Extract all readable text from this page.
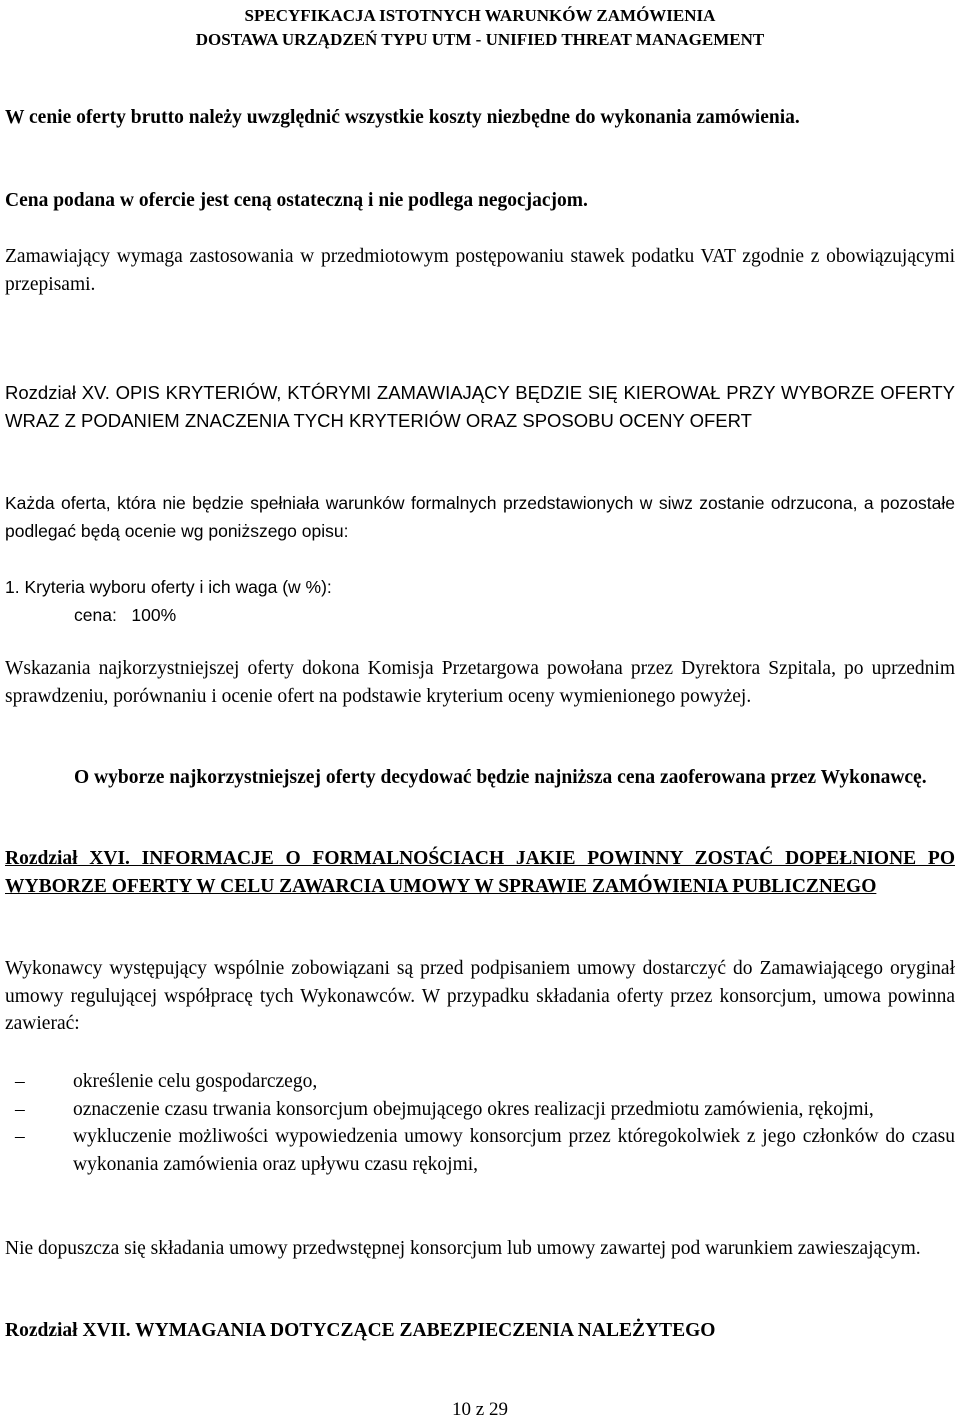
SPECYFIKACJA ISTOTNYCH WARUNKÓW ZAMÓWIENIA
DOSTAWA URZĄDZEŃ TYPU UTM - UNIFIED THREAT MANAGEMENT
W cenie oferty brutto należy uwzględnić wszystkie koszty niezbędne do wykonania zamówienia.
Cena podana w ofercie jest ceną ostateczną i nie podlega negocjacjom.
Zamawiający wymaga zastosowania w przedmiotowym postępowaniu stawek podatku VAT zgodnie z obowiązującymi przepisami.
Rozdział XV. OPIS KRYTERIÓW, KTÓRYMI ZAMAWIAJĄCY BĘDZIE SIĘ KIEROWAŁ PRZY WYBORZE OFERTY WRAZ Z PODANIEM ZNACZENIA TYCH KRYTERIÓW ORAZ SPOSOBU OCENY OFERT
Każda oferta, która nie będzie spełniała warunków formalnych przedstawionych w siwz zostanie odrzucona, a pozostałe podlegać będą ocenie wg poniższego opisu:
1. Kryteria wyboru oferty i ich waga (w %):
cena: 100%
Wskazania najkorzystniejszej oferty dokona Komisja Przetargowa powołana przez Dyrektora Szpitala, po uprzednim sprawdzeniu, porównaniu i ocenie ofert na podstawie kryterium oceny wymienionego powyżej.
O wyborze najkorzystniejszej oferty decydować będzie najniższa cena zaoferowana przez Wykonawcę.
Rozdział XVI. INFORMACJE O FORMALNOŚCIACH JAKIE POWINNY ZOSTAĆ DOPEŁNIONE PO WYBORZE OFERTY W CELU ZAWARCIA UMOWY W SPRAWIE ZAMÓWIENIA PUBLICZNEGO
Wykonawcy występujący wspólnie zobowiązani są przed podpisaniem umowy dostarczyć do Zamawiającego oryginał umowy regulującej współpracę tych Wykonawców. W przypadku składania oferty przez konsorcjum, umowa powinna zawierać:
– określenie celu gospodarczego,
– oznaczenie czasu trwania konsorcjum obejmującego okres realizacji przedmiotu zamówienia, rękojmi,
– wykluczenie możliwości wypowiedzenia umowy konsorcjum przez któregokolwiek z jego członków do czasu wykonania zamówienia oraz upływu czasu rękojmi,
Nie dopuszcza się składania umowy przedwstępnej konsorcjum lub umowy zawartej pod warunkiem zawieszającym.
Rozdział XVII. WYMAGANIA DOTYCZĄCE ZABEZPIECZENIA NALEŻYTEGO
10 z 29
